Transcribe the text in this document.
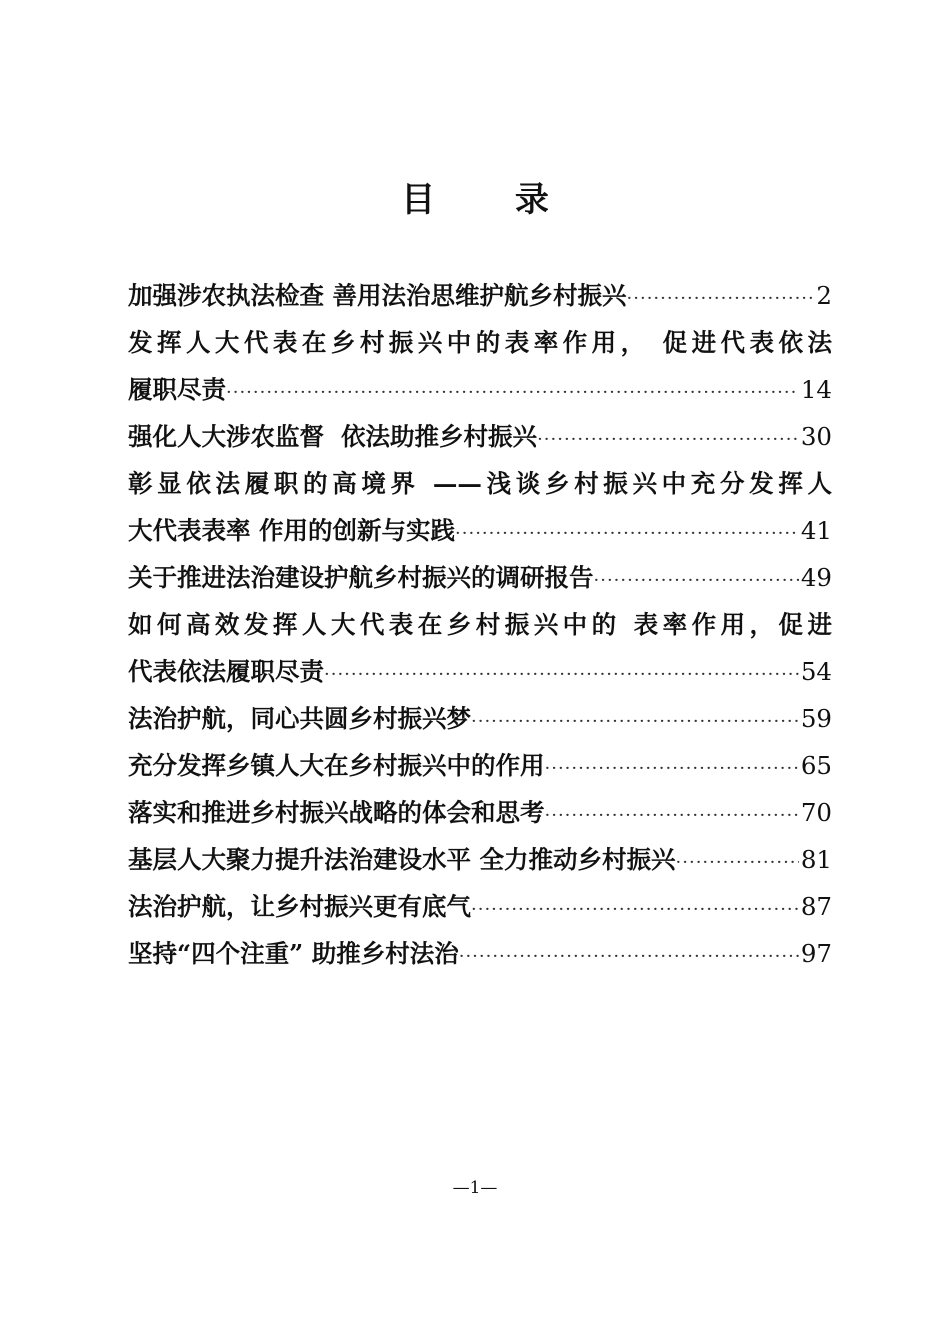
目 录
加强涉农执法检查 善用法治思维护航乡村振兴 ·····	2
发挥人大代表在乡村振兴中的表率作用， 促进代表依法
履职尽责 ·····	14
强化人大涉农监督  依法助推乡村振兴 ·····	30
彰显依法履职的高境界 ——浅谈乡村振兴中充分发挥人
大代表表率 作用的创新与实践 ·····	41
关于推进法治建设护航乡村振兴的调研报告 ·····	49
如何高效发挥人大代表在乡村振兴中的 表率作用，促进
代表依法履职尽责 ·····	54
法治护航，同心共圆乡村振兴梦 ·····	59
充分发挥乡镇人大在乡村振兴中的作用 ·····	65
落实和推进乡村振兴战略的体会和思考 ·····	70
基层人大聚力提升法治建设水平 全力推动乡村振兴 ·····	81
法治护航，让乡村振兴更有底气 ·····	87
坚持“四个注重” 助推乡村法治 ·····	97
—1—
